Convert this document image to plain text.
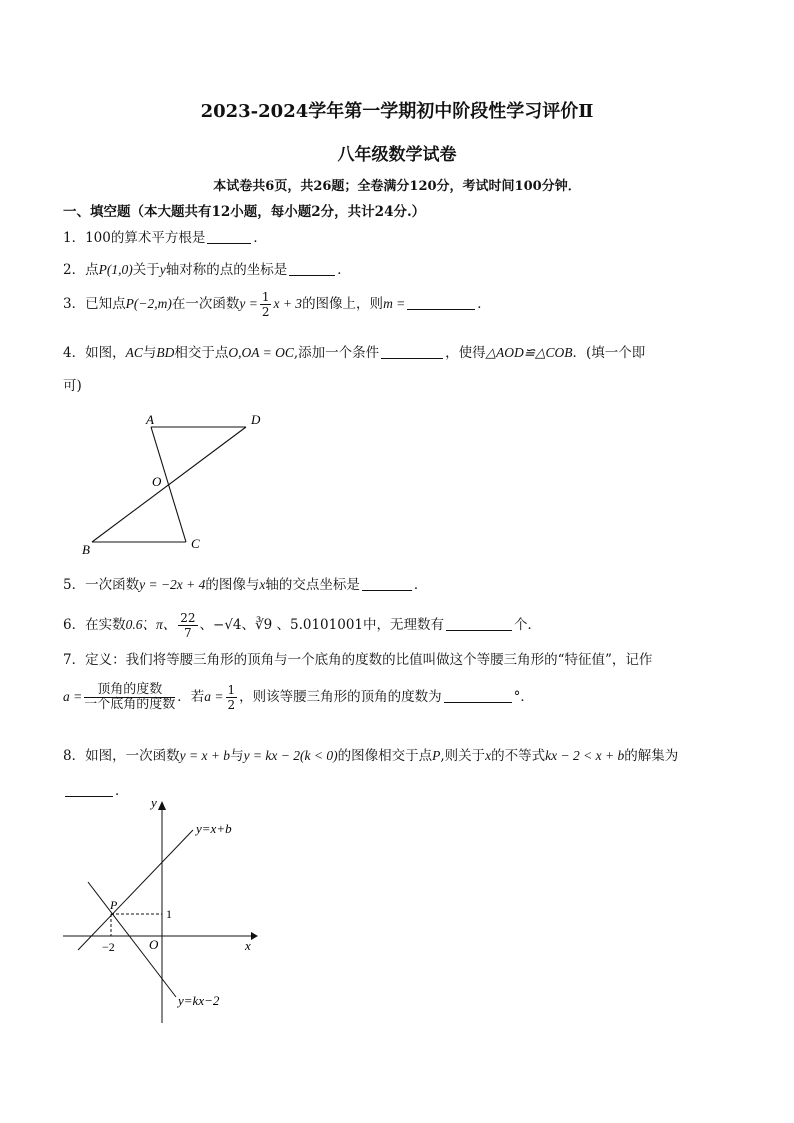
2023-2024学年第一学期初中阶段性学习评价Ⅱ
八年级数学试卷
本试卷共6页，共26题；全卷满分120分，考试时间100分钟．
一、填空题（本大题共有12小题，每小题2分，共计24分.）
1．100的算术平方根是	．
2．点P(1,0)关于y轴对称的点的坐标是	．
3．已知点P(−2,m)在一次函数$y = \frac{1}{2}$ x + 3的图像上，则m =	．
4．如图，AC与BD相交于点O,OA = OC,添加一个条件	，使得△AOD≌△COB．(填一个即
可)
A	D
O
B	C
5．一次函数y = −2x + 4的图像与x轴的交点坐标是	．
6．在实数0.6̇、π、 $\frac{22}{7}$ 、−√4、∛9 、5.0101001中，无理数有	个．
7．定义：我们将等腰三角形的顶角与一个底角的度数的比值叫做这个等腰三角形的“特征值”，记作
$a = \frac{\text{顶角的度数}}{\text{一个底角的度数}}$ ．若$a = \frac{1}{2}$ ，则该等腰三角形的顶角的度数为	°．
8．如图，一次函数y = x + b与y = kx − 2(k < 0)的图像相交于点P,则关于x的不等式kx − 2 < x + b的解集为
．
y
x
O
P
−2
1
y=x+b
y=kx−2
